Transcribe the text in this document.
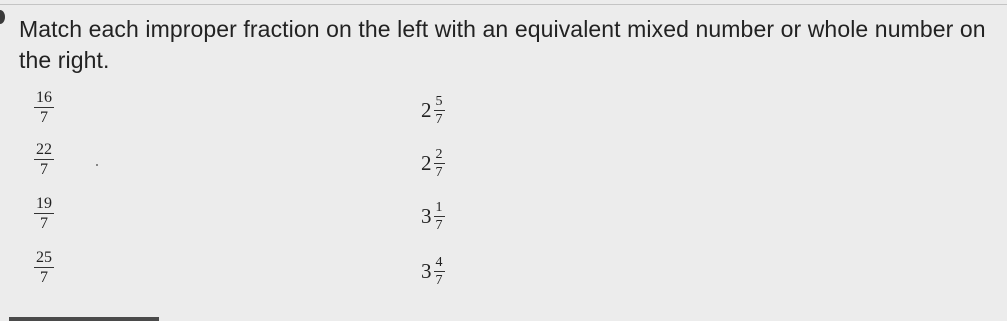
Match each improper fraction on the left with an equivalent mixed number or whole number on the right.

$\frac{16}{7}$
$\frac{22}{7}$
$\frac{19}{7}$
$\frac{25}{7}$
$2 \frac{5}{7}$
$2 \frac{2}{7}$
$3 \frac{1}{7}$
$3 \frac{4}{7}$
